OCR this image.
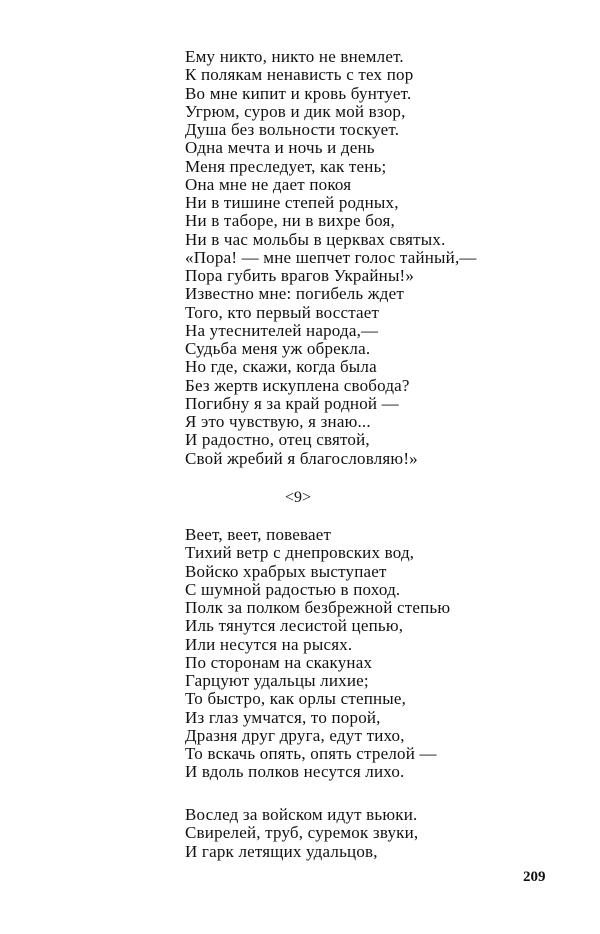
Ему никто, никто не внемлет.
К полякам ненависть с тех пор
Во мне кипит и кровь бунтует.
Угрюм, суров и дик мой взор,
Душа без вольности тоскует.
Одна мечта и ночь и день
Меня преследует, как тень;
Она мне не дает покоя
Ни в тишине степей родных,
Ни в таборе, ни в вихре боя,
Ни в час мольбы в церквах святых.
«Пора! — мне шепчет голос тайный,—
Пора губить врагов Украйны!»
Известно мне: погибель ждет
Того, кто первый восстает
На утеснителей народа,—
Судьба меня уж обрекла.
Но где, скажи, когда была
Без жертв искуплена свобода?
Погибну я за край родной —
Я это чувствую, я знаю...
И радостно, отец святой,
Свой жребий я благословляю!»
<9>
Веет, веет, повевает
Тихий ветр с днепровских вод,
Войско храбрых выступает
С шумной радостью в поход.
Полк за полком безбрежной степью
Иль тянутся лесистой цепью,
Или несутся на рысях.
По сторонам на скакунах
Гарцуют удальцы лихие;
То быстро, как орлы степные,
Из глаз умчатся, то порой,
Дразня друг друга, едут тихо,
То вскачь опять, опять стрелой —
И вдоль полков несутся лихо.
Вослед за войском идут вьюки.
Свирелей, труб, суремок звуки,
И гарк летящих удальцов,
209
